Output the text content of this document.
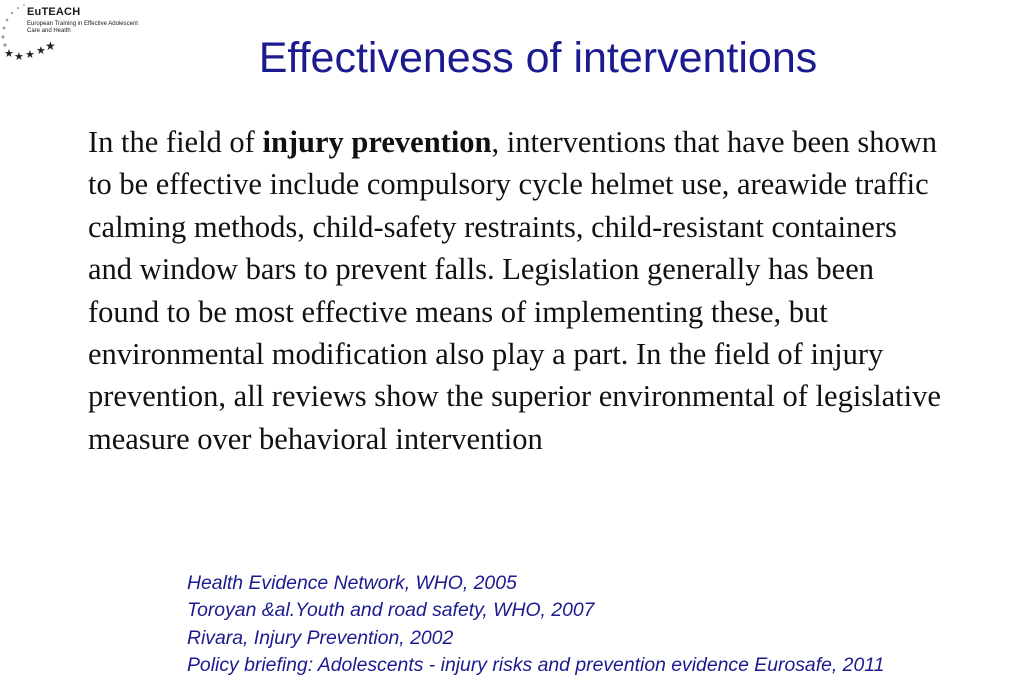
★ ★ ★ ★ ★
EuTEACH
European Training in Effective Adolescent
Care and Health
Effectiveness of interventions

In the field of injury prevention, interventions that have been shown to be effective include compulsory cycle helmet use, areawide traffic calming methods, child-safety restraints, child-resistant containers and window bars to prevent falls. Legislation generally has been found to be most effective means of implementing these, but environmental modification also play a part. In the field of injury prevention, all reviews show the superior environmental of legislative measure over behavioral intervention

Health Evidence Network, WHO, 2005
Toroyan &al.Youth and road safety, WHO, 2007
Rivara, Injury Prevention, 2002
Policy briefing: Adolescents - injury risks and prevention evidence Eurosafe, 2011
